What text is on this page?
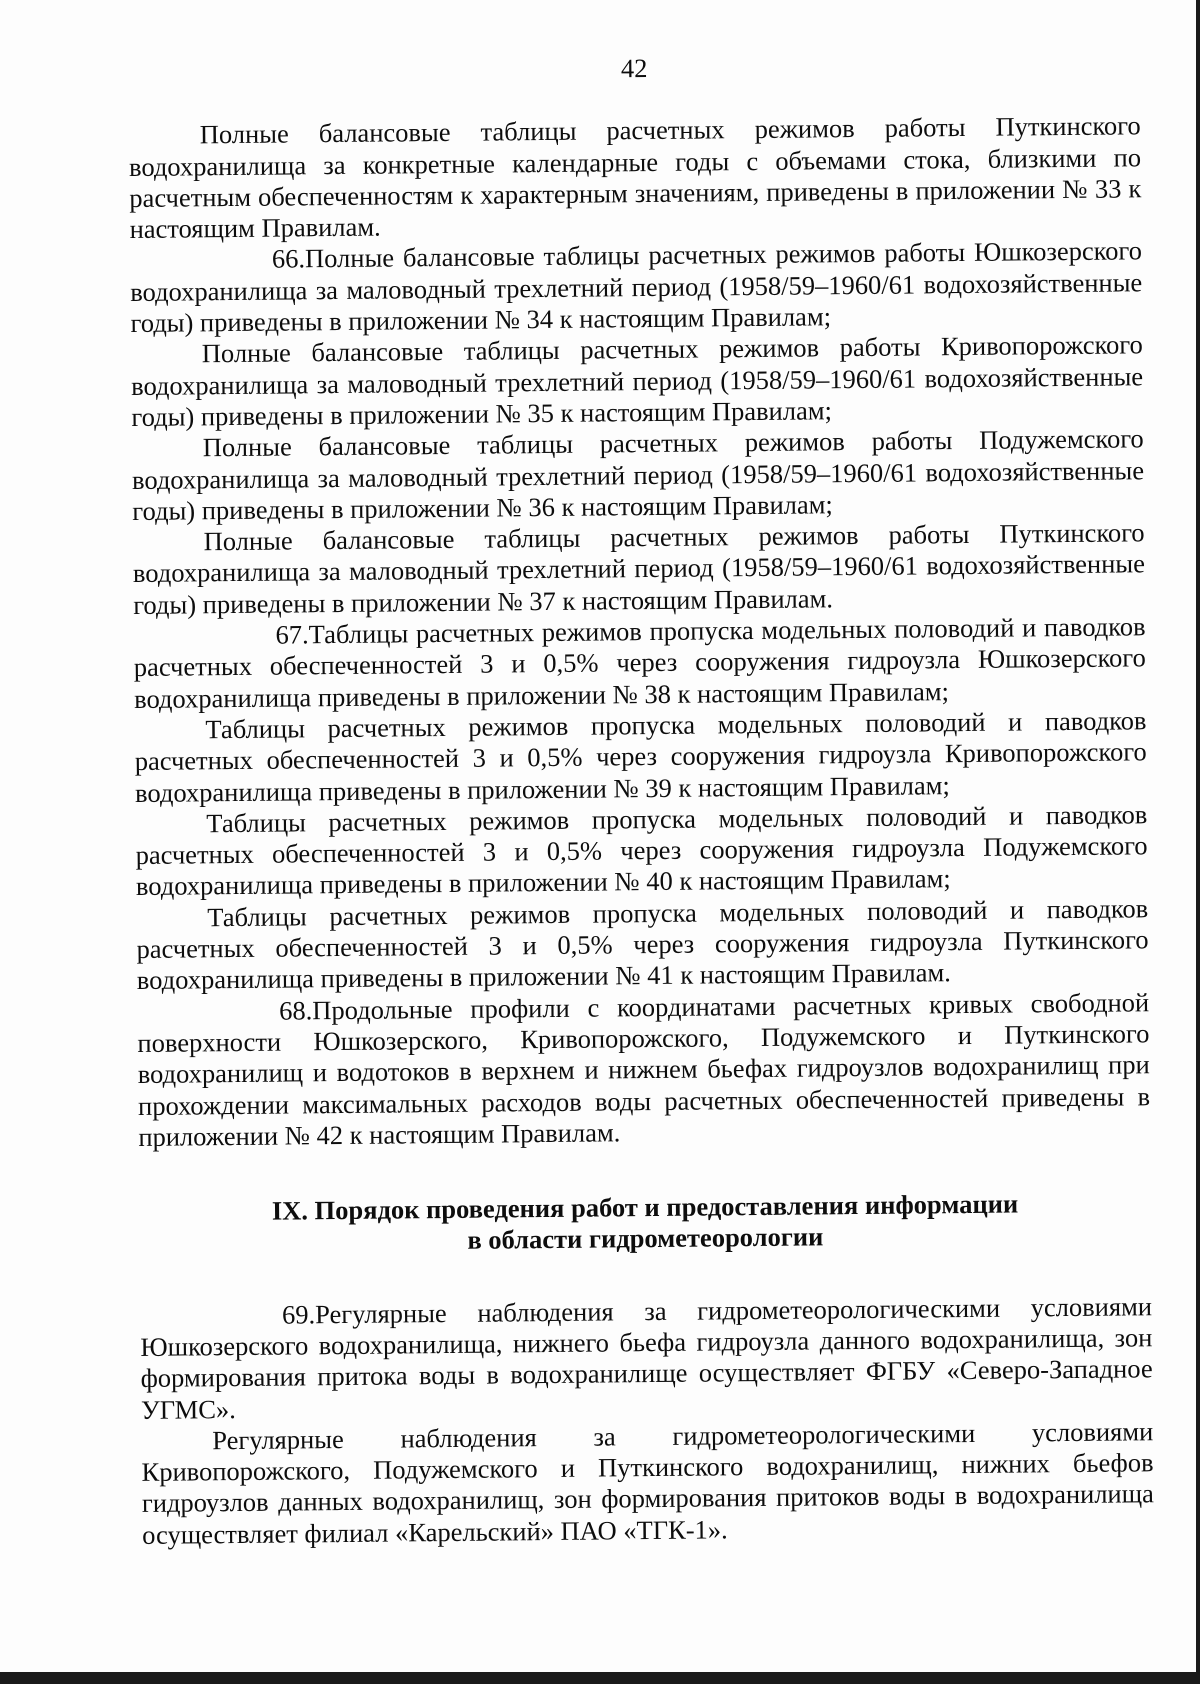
42

Полные балансовые таблицы расчетных режимов работы Путкинского водохранилища за конкретные календарные годы с объемами стока, близкими по расчетным обеспеченностям к характерным значениям, приведены в приложении № 33 к настоящим Правилам.

66.Полные балансовые таблицы расчетных режимов работы Юшкозерского водохранилища за маловодный трехлетний период (1958/59–1960/61 водохозяйственные годы) приведены в приложении № 34 к настоящим Правилам;

Полные балансовые таблицы расчетных режимов работы Кривопорожского водохранилища за маловодный трехлетний период (1958/59–1960/61 водохозяйственные годы) приведены в приложении № 35 к настоящим Правилам;

Полные балансовые таблицы расчетных режимов работы Подужемского водохранилища за маловодный трехлетний период (1958/59–1960/61 водохозяйственные годы) приведены в приложении № 36 к настоящим Правилам;

Полные балансовые таблицы расчетных режимов работы Путкинского водохранилища за маловодный трехлетний период (1958/59–1960/61 водохозяйственные годы) приведены в приложении № 37 к настоящим Правилам.

67.Таблицы расчетных режимов пропуска модельных половодий и паводков расчетных обеспеченностей 3 и 0,5% через сооружения гидроузла Юшкозерского водохранилища приведены в приложении № 38 к настоящим Правилам;

Таблицы расчетных режимов пропуска модельных половодий и паводков расчетных обеспеченностей 3 и 0,5% через сооружения гидроузла Кривопорожского водохранилища приведены в приложении № 39 к настоящим Правилам;

Таблицы расчетных режимов пропуска модельных половодий и паводков расчетных обеспеченностей 3 и 0,5% через сооружения гидроузла Подужемского водохранилища приведены в приложении № 40 к настоящим Правилам;

Таблицы расчетных режимов пропуска модельных половодий и паводков расчетных обеспеченностей 3 и 0,5% через сооружения гидроузла Путкинского водохранилища приведены в приложении № 41 к настоящим Правилам.

68.Продольные профили с координатами расчетных кривых свободной поверхности Юшкозерского, Кривопорожского, Подужемского и Путкинского водохранилищ и водотоков в верхнем и нижнем бьефах гидроузлов водохранилищ при прохождении максимальных расходов воды расчетных обеспеченностей приведены в приложении № 42 к настоящим Правилам.

IX. Порядок проведения работ и предоставления информации
в области гидрометеорологии

69.Регулярные наблюдения за гидрометеорологическими условиями Юшкозерского водохранилища, нижнего бьефа гидроузла данного водохранилища, зон формирования притока воды в водохранилище осуществляет ФГБУ «Северо-Западное УГМС».

Регулярные наблюдения за гидрометеорологическими условиями Кривопорожского, Подужемского и Путкинского водохранилищ, нижних бьефов гидроузлов данных водохранилищ, зон формирования притоков воды в водохранилища осуществляет филиал «Карельский» ПАО «ТГК-1».
